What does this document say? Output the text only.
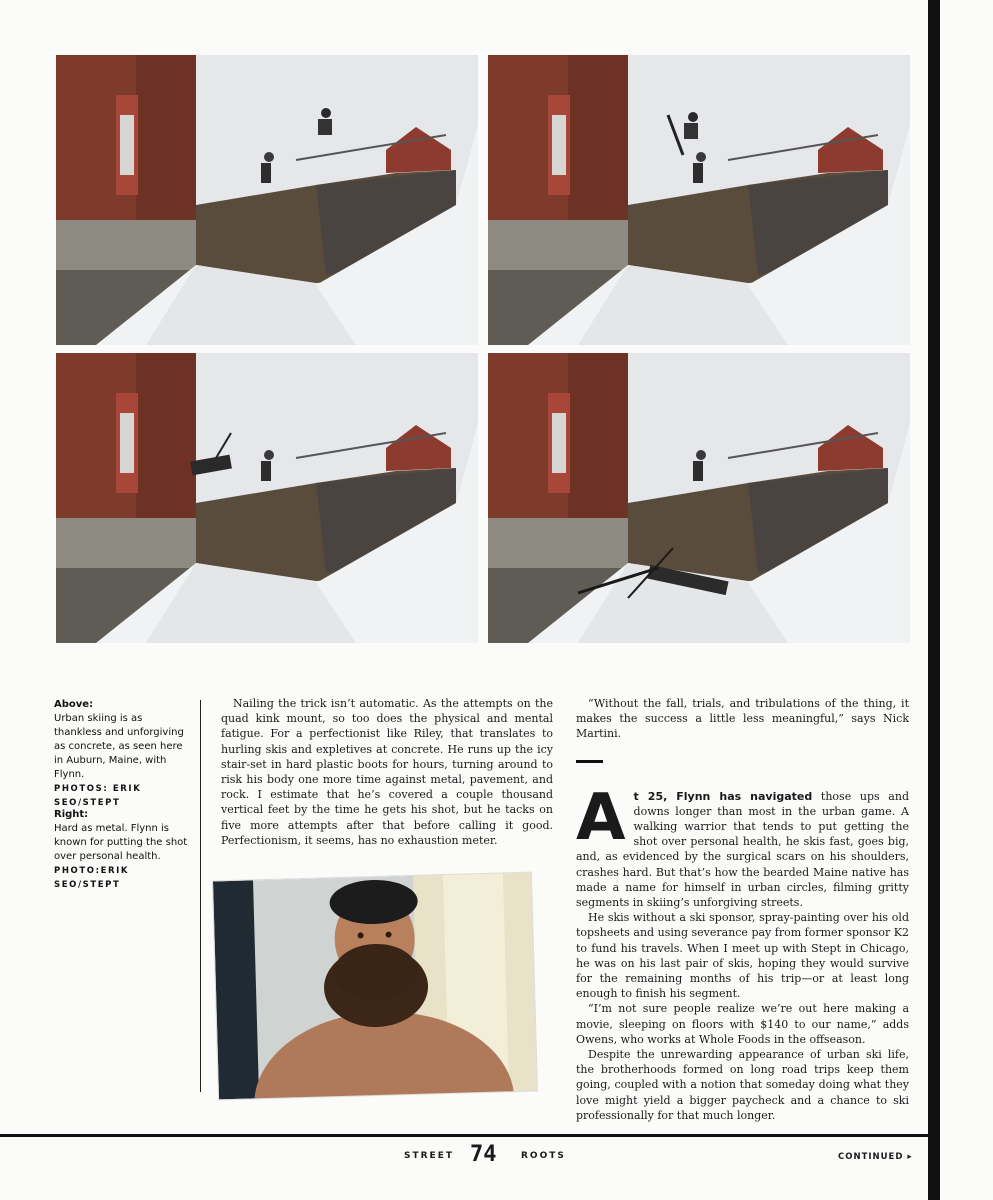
Above:

Urban skiing is as thankless and unforgiving as concrete, as seen here in Auburn, Maine, with Flynn.

PHOTOS: ERIK SEO/STEPT

Right:

Hard as metal. Flynn is known for putting the shot over personal health.

PHOTO:ERIK SEO/STEPT

Nailing the trick isn’t automatic. As the attempts on the quad kink mount, so too does the physical and mental fatigue. For a perfectionist like Riley, that translates to hurling skis and expletives at concrete. He runs up the icy stair-set in hard plastic boots for hours, turning around to risk his body one more time against metal, pavement, and rock. I estimate that he’s covered a couple thousand vertical feet by the time he gets his shot, but he tacks on five more attempts after that before calling it good. Perfectionism, it seems, has no exhaustion meter.

“Without the fall, trials, and tribulations of the thing, it makes the success a little less meaningful,” says Nick Martini.

At 25, Flynn has navigated those ups and downs longer than most in the urban game. A walking warrior that tends to put getting the shot over personal health, he skis fast, goes big, and, as evidenced by the surgical scars on his shoulders, crashes hard. But that’s how the bearded Maine native has made a name for himself in urban circles, filming gritty segments in skiing’s unforgiving streets.

He skis without a ski sponsor, spray-painting over his old topsheets and using severance pay from former sponsor K2 to fund his travels. When I meet up with Stept in Chicago, he was on his last pair of skis, hoping they would survive for the remaining months of his trip—or at least long enough to finish his segment.

“I’m not sure people realize we’re out here making a movie, sleeping on floors with $140 to our name,” adds Owens, who works at Whole Foods in the offseason.

Despite the unrewarding appearance of urban ski life, the brotherhoods formed on long road trips keep them going, coupled with a notion that someday doing what they love might yield a bigger paycheck and a chance to ski professionally for that much longer.

STREET 74	ROOTS	CONTINUED ▸
